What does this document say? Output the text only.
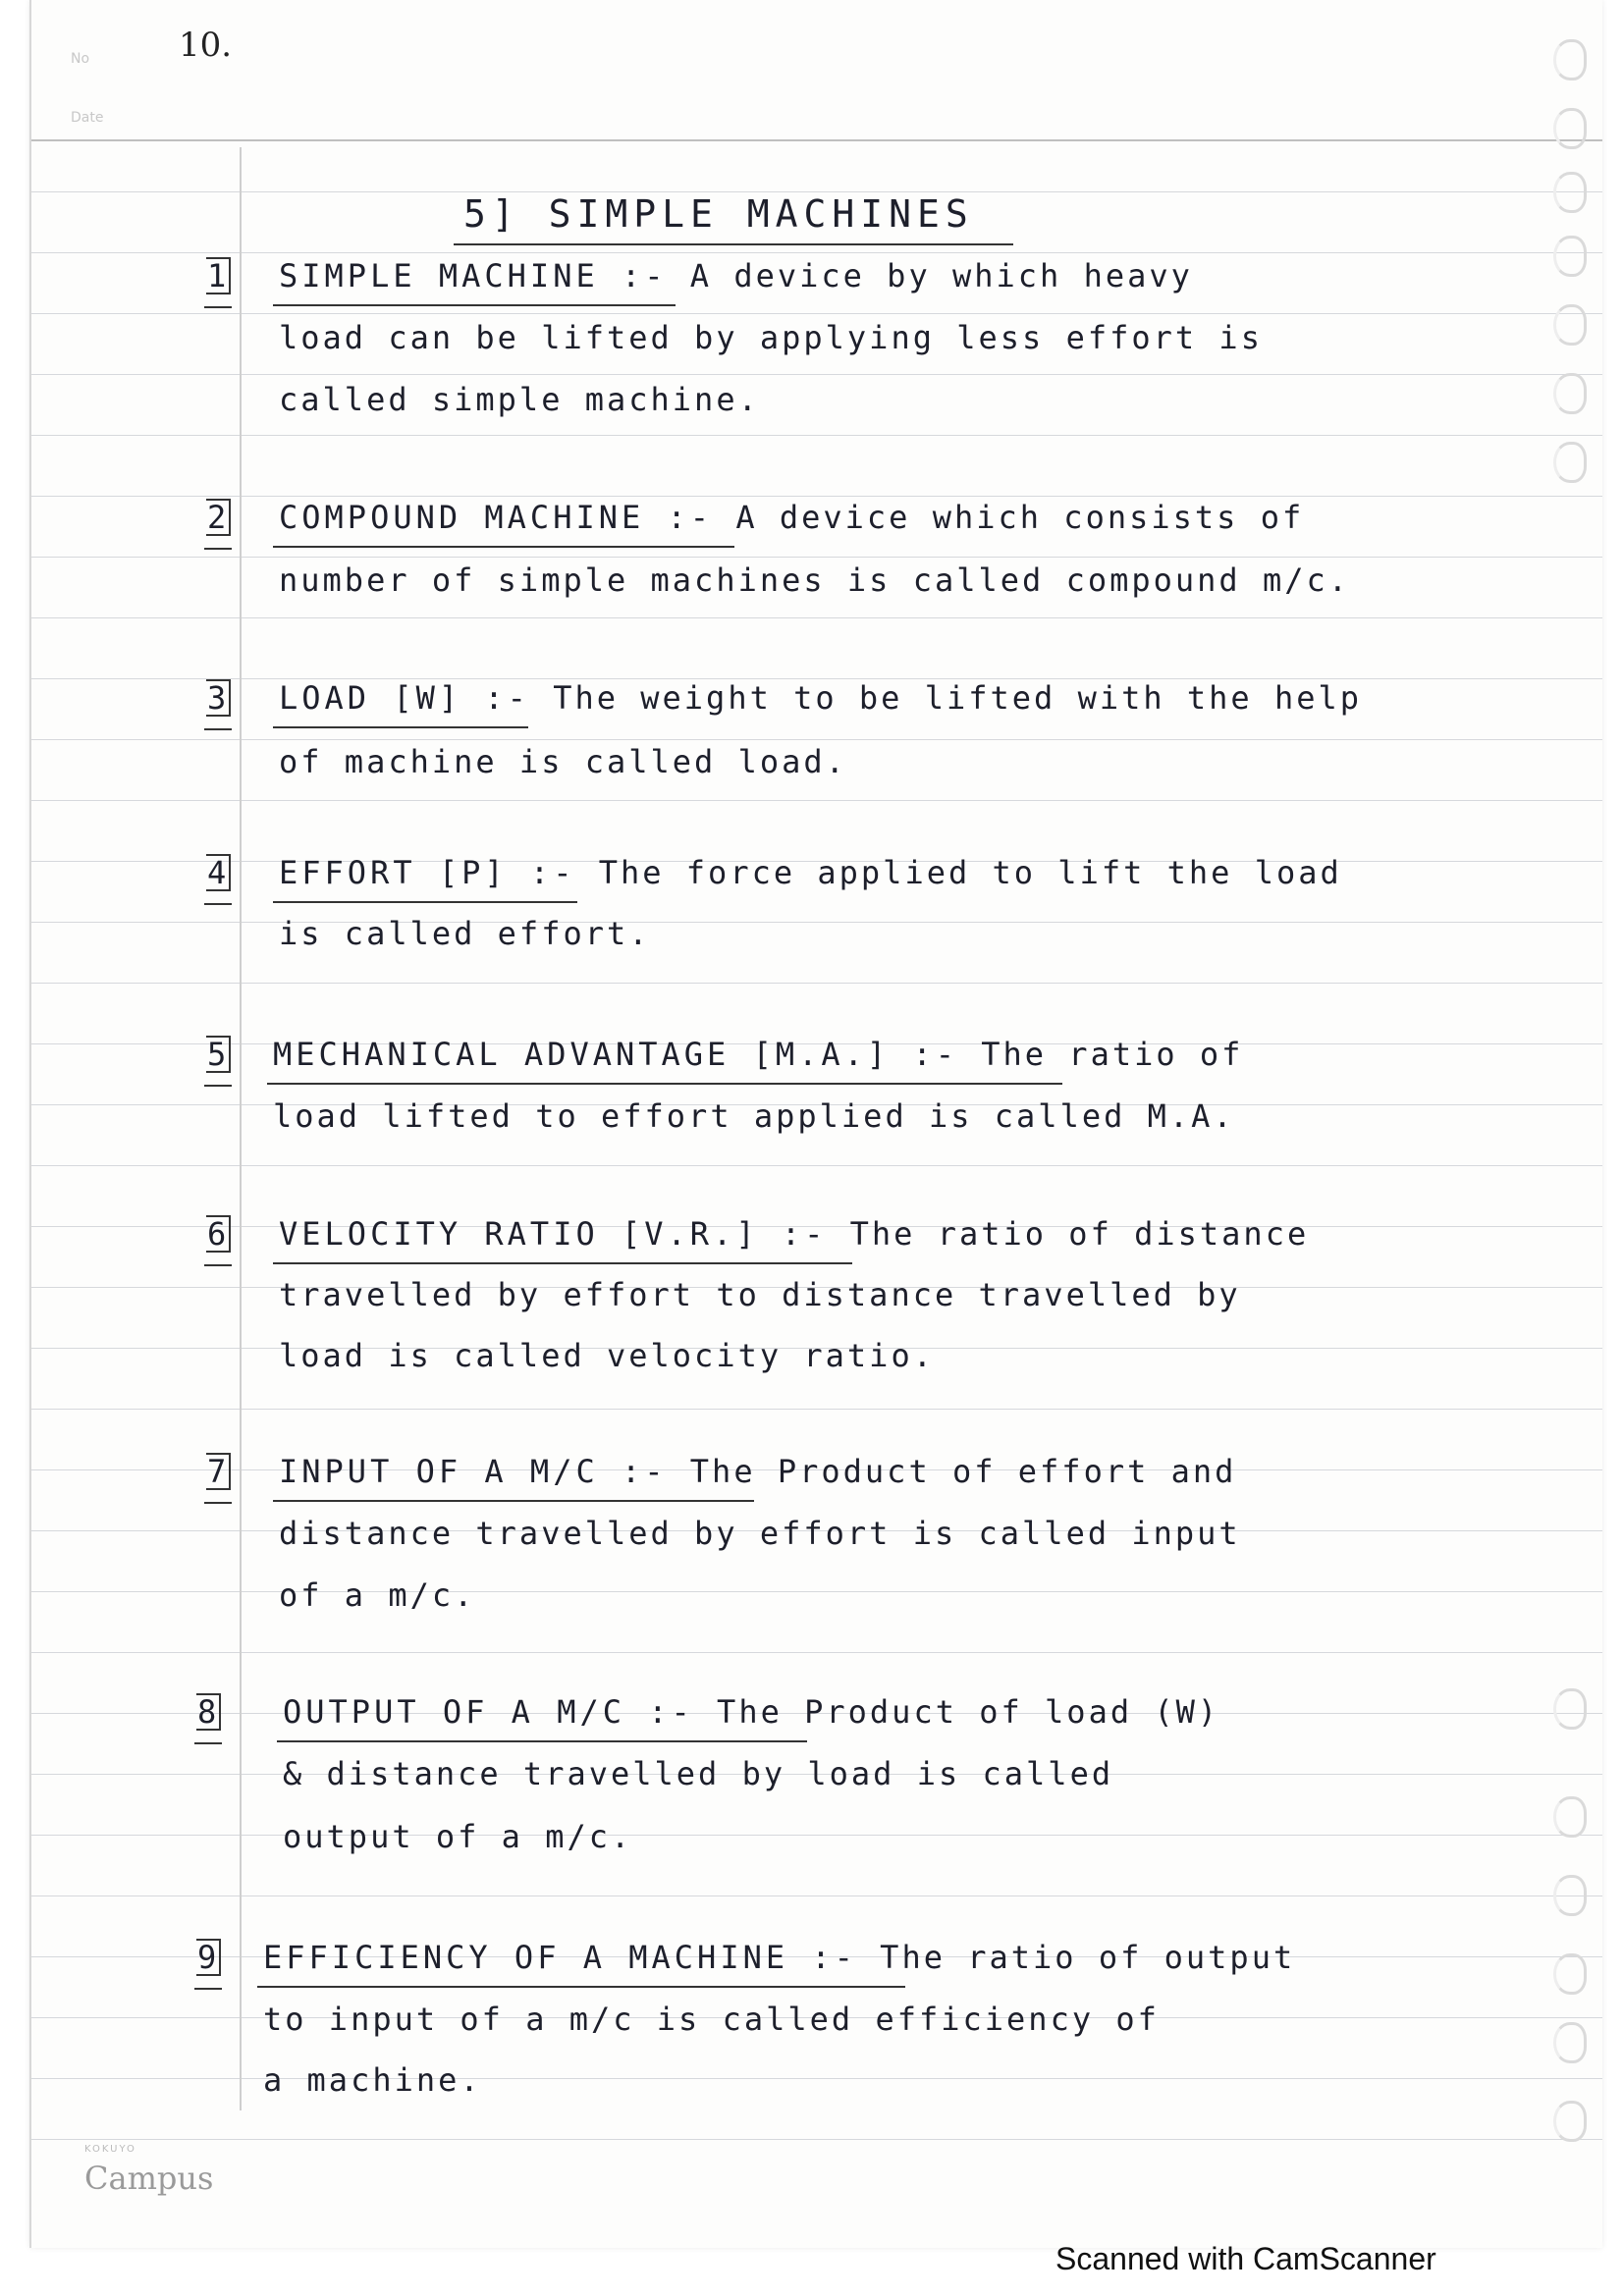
No
Date
10.
5] SIMPLE MACHINES
1 SIMPLE MACHINE :- A device by which heavy
load can be lifted by applying less effort is
called simple machine.
2 COMPOUND MACHINE :- A device which consists of
number of simple machines is called compound m/c.
3 LOAD [W] :- The weight to be lifted with the help
of machine is called load.
4 EFFORT [P] :- The force applied to lift the load
is called effort.
5 MECHANICAL ADVANTAGE [M.A.] :- The ratio of
load lifted to effort applied is called M.A.
6 VELOCITY RATIO [V.R.] :- The ratio of distance
travelled by effort to distance travelled by
load is called velocity ratio.
7 INPUT OF A M/C :- The Product of effort and
distance travelled by effort is called input
of a m/c.
8 OUTPUT OF A M/C :- The Product of load (W)
& distance travelled by load is called
output of a m/c.
9 EFFICIENCY OF A MACHINE :- The ratio of output
to input of a m/c is called efficiency of
a machine.
KOKUYO
Campus
Scanned with CamScanner
